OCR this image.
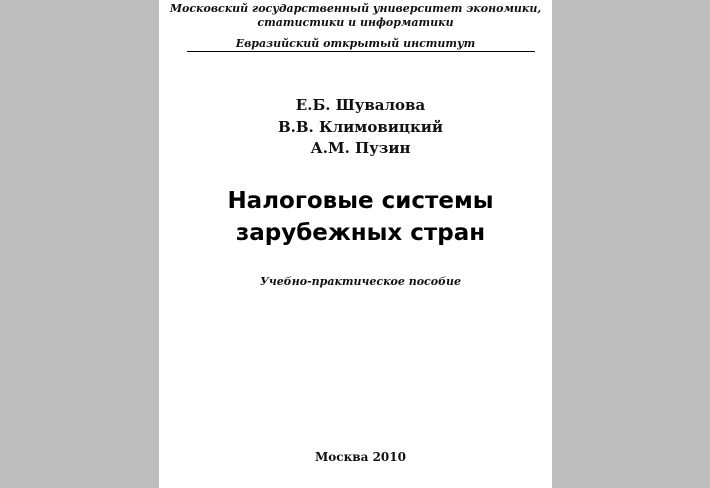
Московский государственный университет экономики,
статистики и информатики
Евразийский открытый институт
Е.Б. Шувалова
В.В. Климовицкий
А.М. Пузин
Налоговые системы
зарубежных стран
Учебно-практическое пособие
Москва 2010
